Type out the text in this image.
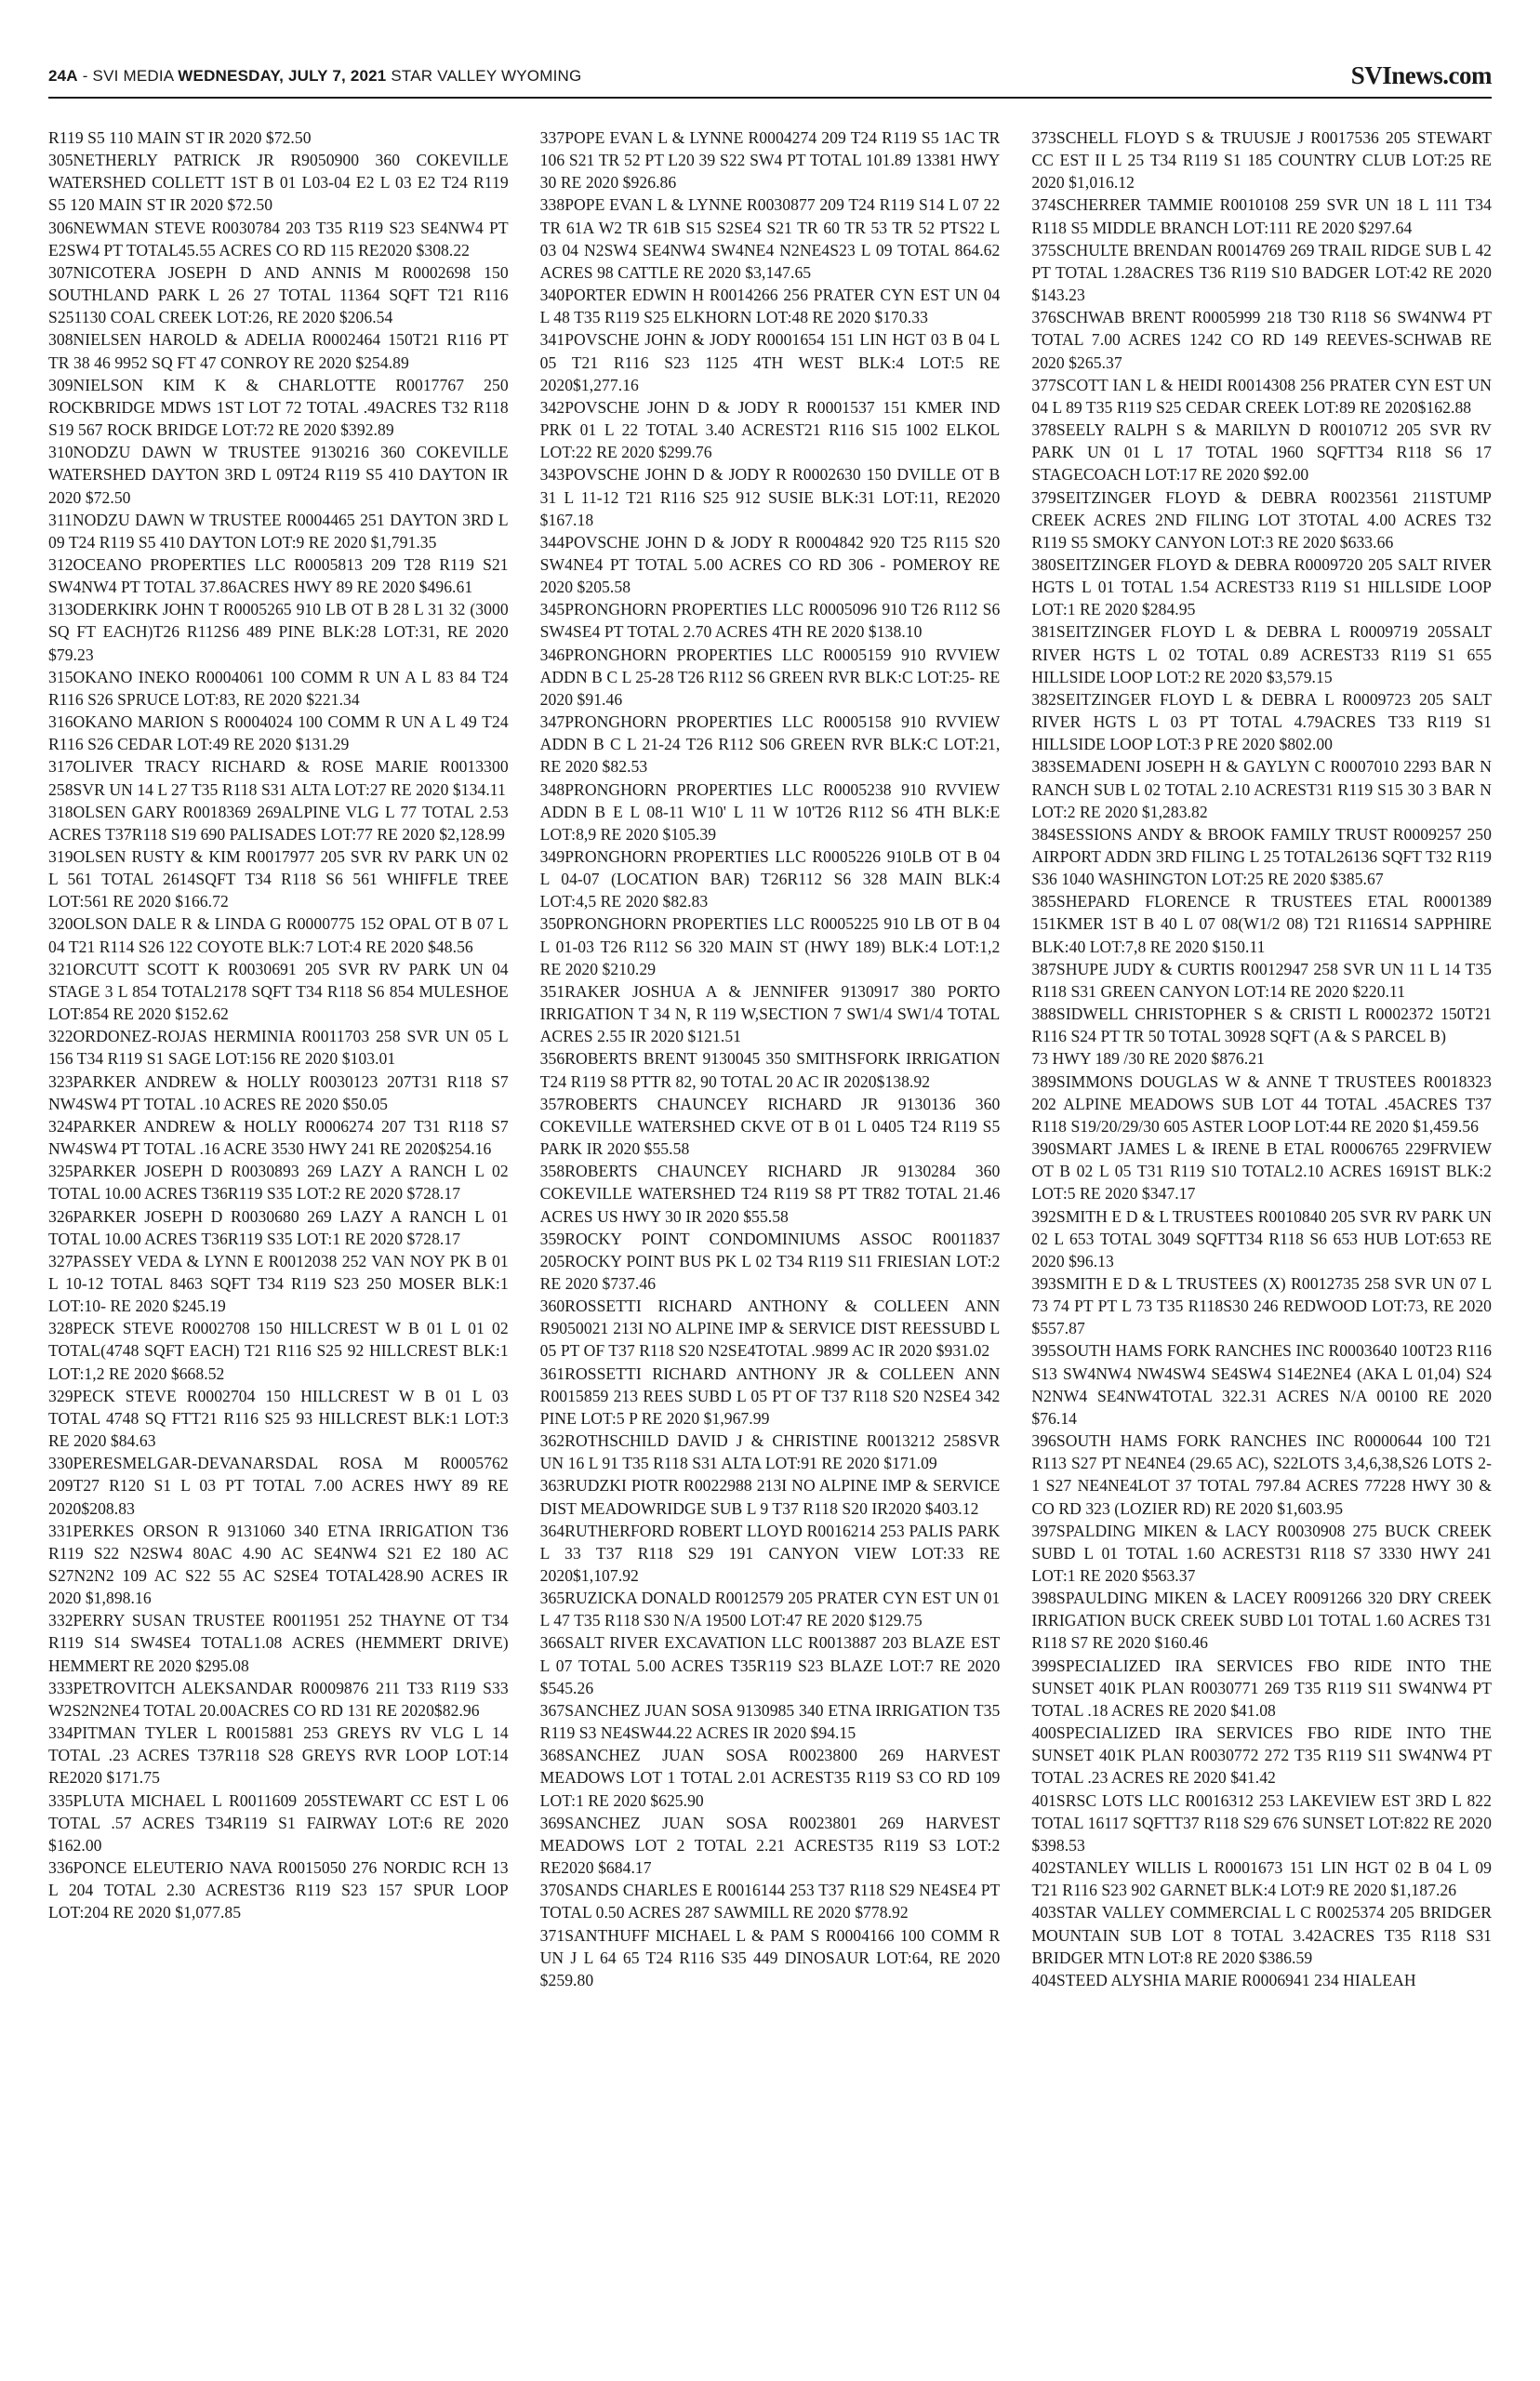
24A - SVI MEDIA WEDNESDAY, JULY 7, 2021 STAR VALLEY WYOMING	SVInews.com

R119 S5 110 MAIN ST IR 2020 $72.50

305NETHERLY PATRICK JR R9050900 360 COKEVILLE WATERSHED COLLETT 1ST B 01 L03-04 E2 L 03 E2 T24 R119 S5 120 MAIN ST IR 2020 $72.50

306NEWMAN STEVE R0030784 203 T35 R119 S23 SE4NW4 PT E2SW4 PT TOTAL45.55 ACRES CO RD 115 RE2020 $308.22

307NICOTERA JOSEPH D AND ANNIS M R0002698 150 SOUTHLAND PARK L 26 27 TOTAL 11364 SQFT T21 R116 S251130 COAL CREEK LOT:26, RE 2020 $206.54

308NIELSEN HAROLD & ADELIA R0002464 150T21 R116 PT TR 38 46 9952 SQ FT 47 CONROY RE 2020 $254.89

309NIELSON KIM K & CHARLOTTE R0017767 250 ROCKBRIDGE MDWS 1ST LOT 72 TOTAL .49ACRES T32 R118 S19 567 ROCK BRIDGE LOT:72 RE 2020 $392.89

310NODZU DAWN W TRUSTEE 9130216 360 COKEVILLE WATERSHED DAYTON 3RD L 09T24 R119 S5 410 DAYTON IR 2020 $72.50

311NODZU DAWN W TRUSTEE R0004465 251 DAYTON 3RD L 09 T24 R119 S5 410 DAYTON LOT:9 RE 2020 $1,791.35

312OCEANO PROPERTIES LLC R0005813 209 T28 R119 S21 SW4NW4 PT TOTAL 37.86ACRES HWY 89 RE 2020 $496.61

313ODERKIRK JOHN T R0005265 910 LB OT B 28 L 31 32 (3000 SQ FT EACH)T26 R112S6 489 PINE BLK:28 LOT:31, RE 2020 $79.23

315OKANO INEKO R0004061 100 COMM R UN A L 83 84 T24 R116 S26 SPRUCE LOT:83, RE 2020 $221.34

316OKANO MARION S R0004024 100 COMM R UN A L 49 T24 R116 S26 CEDAR LOT:49 RE 2020 $131.29

317OLIVER TRACY RICHARD & ROSE MARIE R0013300 258SVR UN 14 L 27 T35 R118 S31 ALTA LOT:27 RE 2020 $134.11

318OLSEN GARY R0018369 269ALPINE VLG L 77 TOTAL 2.53 ACRES T37R118 S19 690 PALISADES LOT:77 RE 2020 $2,128.99

319OLSEN RUSTY & KIM R0017977 205 SVR RV PARK UN 02 L 561 TOTAL 2614SQFT T34 R118 S6 561 WHIFFLE TREE LOT:561 RE 2020 $166.72

320OLSON DALE R & LINDA G R0000775 152 OPAL OT B 07 L 04 T21 R114 S26 122 COYOTE BLK:7 LOT:4 RE 2020 $48.56

321ORCUTT SCOTT K R0030691 205 SVR RV PARK UN 04 STAGE 3 L 854 TOTAL2178 SQFT T34 R118 S6 854 MULESHOE LOT:854 RE 2020 $152.62

322ORDONEZ-ROJAS HERMINIA R0011703 258 SVR UN 05 L 156 T34 R119 S1 SAGE LOT:156 RE 2020 $103.01

323PARKER ANDREW & HOLLY R0030123 207T31 R118 S7 NW4SW4 PT TOTAL .10 ACRES RE 2020 $50.05

324PARKER ANDREW & HOLLY R0006274 207 T31 R118 S7 NW4SW4 PT TOTAL .16 ACRE 3530 HWY 241 RE 2020$254.16

325PARKER JOSEPH D R0030893 269 LAZY A RANCH L 02 TOTAL 10.00 ACRES T36R119 S35 LOT:2 RE 2020 $728.17

326PARKER JOSEPH D R0030680 269 LAZY A RANCH L 01 TOTAL 10.00 ACRES T36R119 S35 LOT:1 RE 2020 $728.17

327PASSEY VEDA & LYNN E R0012038 252 VAN NOY PK B 01 L 10-12 TOTAL 8463 SQFT T34 R119 S23 250 MOSER BLK:1 LOT:10- RE 2020 $245.19

328PECK STEVE R0002708 150 HILLCREST W B 01 L 01 02 TOTAL(4748 SQFT EACH) T21 R116 S25 92 HILLCREST BLK:1 LOT:1,2 RE 2020 $668.52

329PECK STEVE R0002704 150 HILLCREST W B 01 L 03 TOTAL 4748 SQ FTT21 R116 S25 93 HILLCREST BLK:1 LOT:3 RE 2020 $84.63

330PERESMELGAR-DEVANARSDAL ROSA M R0005762 209T27 R120 S1 L 03 PT TOTAL 7.00 ACRES HWY 89 RE 2020$208.83

331PERKES ORSON R 9131060 340 ETNA IRRIGATION T36 R119 S22 N2SW4 80AC 4.90 AC SE4NW4 S21 E2 180 AC S27N2N2 109 AC S22 55 AC S2SE4 TOTAL428.90 ACRES IR 2020 $1,898.16

332PERRY SUSAN TRUSTEE R0011951 252 THAYNE OT T34 R119 S14 SW4SE4 TOTAL1.08 ACRES (HEMMERT DRIVE) HEMMERT RE 2020 $295.08

333PETROVITCH ALEKSANDAR R0009876 211 T33 R119 S33 W2S2N2NE4 TOTAL 20.00ACRES CO RD 131 RE 2020$82.96

334PITMAN TYLER L R0015881 253 GREYS RV VLG L 14 TOTAL .23 ACRES T37R118 S28 GREYS RVR LOOP LOT:14 RE2020 $171.75

335PLUTA MICHAEL L R0011609 205STEWART CC EST L 06 TOTAL .57 ACRES T34R119 S1 FAIRWAY LOT:6 RE 2020 $162.00

336PONCE ELEUTERIO NAVA R0015050 276 NORDIC RCH 13 L 204 TOTAL 2.30 ACREST36 R119 S23 157 SPUR LOOP LOT:204 RE 2020 $1,077.85

337POPE EVAN L & LYNNE R0004274 209 T24 R119 S5 1AC TR 106 S21 TR 52 PT L20 39 S22 SW4 PT TOTAL 101.89 13381 HWY 30 RE 2020 $926.86

338POPE EVAN L & LYNNE R0030877 209 T24 R119 S14 L 07 22 TR 61A W2 TR 61B S15 S2SE4 S21 TR 60 TR 53 TR 52 PTS22 L 03 04 N2SW4 SE4NW4 SW4NE4 N2NE4S23 L 09 TOTAL 864.62 ACRES 98 CATTLE RE 2020 $3,147.65

340PORTER EDWIN H R0014266 256 PRATER CYN EST UN 04 L 48 T35 R119 S25 ELKHORN LOT:48 RE 2020 $170.33

341POVSCHE JOHN & JODY R0001654 151 LIN HGT 03 B 04 L 05 T21 R116 S23 1125 4TH WEST BLK:4 LOT:5 RE 2020$1,277.16

342POVSCHE JOHN D & JODY R R0001537 151 KMER IND PRK 01 L 22 TOTAL 3.40 ACREST21 R116 S15 1002 ELKOL LOT:22 RE 2020 $299.76

343POVSCHE JOHN D & JODY R R0002630 150 DVILLE OT B 31 L 11-12 T21 R116 S25 912 SUSIE BLK:31 LOT:11, RE2020 $167.18

344POVSCHE JOHN D & JODY R R0004842 920 T25 R115 S20 SW4NE4 PT TOTAL 5.00 ACRES CO RD 306 - POMEROY RE 2020 $205.58

345PRONGHORN PROPERTIES LLC R0005096 910 T26 R112 S6 SW4SE4 PT TOTAL 2.70 ACRES 4TH RE 2020 $138.10

346PRONGHORN PROPERTIES LLC R0005159 910 RVVIEW ADDN B C L 25-28 T26 R112 S6 GREEN RVR BLK:C LOT:25- RE 2020 $91.46

347PRONGHORN PROPERTIES LLC R0005158 910 RVVIEW ADDN B C L 21-24 T26 R112 S06 GREEN RVR BLK:C LOT:21, RE 2020 $82.53

348PRONGHORN PROPERTIES LLC R0005238 910 RVVIEW ADDN B E L 08-11 W10' L 11 W 10'T26 R112 S6 4TH BLK:E LOT:8,9 RE 2020 $105.39

349PRONGHORN PROPERTIES LLC R0005226 910LB OT B 04 L 04-07 (LOCATION BAR) T26R112 S6 328 MAIN BLK:4 LOT:4,5 RE 2020 $82.83

350PRONGHORN PROPERTIES LLC R0005225 910 LB OT B 04 L 01-03 T26 R112 S6 320 MAIN ST (HWY 189) BLK:4 LOT:1,2 RE 2020 $210.29

351RAKER JOSHUA A & JENNIFER 9130917 380 PORTO IRRIGATION T 34 N, R 119 W,SECTION 7 SW1/4 SW1/4 TOTAL ACRES 2.55 IR 2020 $121.51

356ROBERTS BRENT 9130045 350 SMITHSFORK IRRIGATION T24 R119 S8 PTTR 82, 90 TOTAL 20 AC IR 2020$138.92

357ROBERTS CHAUNCEY RICHARD JR 9130136 360 COKEVILLE WATERSHED CKVE OT B 01 L 0405 T24 R119 S5 PARK IR 2020 $55.58

358ROBERTS CHAUNCEY RICHARD JR 9130284 360 COKEVILLE WATERSHED T24 R119 S8 PT TR82 TOTAL 21.46 ACRES US HWY 30 IR 2020 $55.58

359ROCKY POINT CONDOMINIUMS ASSOC R0011837 205ROCKY POINT BUS PK L 02 T34 R119 S11 FRIESIAN LOT:2 RE 2020 $737.46

360ROSSETTI RICHARD ANTHONY & COLLEEN ANN R9050021 213I NO ALPINE IMP & SERVICE DIST REESSUBD L 05 PT OF T37 R118 S20 N2SE4TOTAL .9899 AC IR 2020 $931.02

361ROSSETTI RICHARD ANTHONY JR & COLLEEN ANN R0015859 213 REES SUBD L 05 PT OF T37 R118 S20 N2SE4 342 PINE LOT:5 P RE 2020 $1,967.99

362ROTHSCHILD DAVID J & CHRISTINE R0013212 258SVR UN 16 L 91 T35 R118 S31 ALTA LOT:91 RE 2020 $171.09

363RUDZKI PIOTR R0022988 213I NO ALPINE IMP & SERVICE DIST MEADOWRIDGE SUB L 9 T37 R118 S20 IR2020 $403.12

364RUTHERFORD ROBERT LLOYD R0016214 253 PALIS PARK L 33 T37 R118 S29 191 CANYON VIEW LOT:33 RE 2020$1,107.92

365RUZICKA DONALD R0012579 205 PRATER CYN EST UN 01 L 47 T35 R118 S30 N/A 19500 LOT:47 RE 2020 $129.75

366SALT RIVER EXCAVATION LLC R0013887 203 BLAZE EST L 07 TOTAL 5.00 ACRES T35R119 S23 BLAZE LOT:7 RE 2020 $545.26

367SANCHEZ JUAN SOSA 9130985 340 ETNA IRRIGATION T35 R119 S3 NE4SW44.22 ACRES IR 2020 $94.15

368SANCHEZ JUAN SOSA R0023800 269 HARVEST MEADOWS LOT 1 TOTAL 2.01 ACREST35 R119 S3 CO RD 109 LOT:1 RE 2020 $625.90

369SANCHEZ JUAN SOSA R0023801 269 HARVEST MEADOWS LOT 2 TOTAL 2.21 ACREST35 R119 S3 LOT:2 RE2020 $684.17

370SANDS CHARLES E R0016144 253 T37 R118 S29 NE4SE4 PT TOTAL 0.50 ACRES 287 SAWMILL RE 2020 $778.92

371SANTHUFF MICHAEL L & PAM S R0004166 100 COMM R UN J L 64 65 T24 R116 S35 449 DINOSAUR LOT:64, RE 2020 $259.80

373SCHELL FLOYD S & TRUUSJE J R0017536 205 STEWART CC EST II L 25 T34 R119 S1 185 COUNTRY CLUB LOT:25 RE 2020 $1,016.12

374SCHERRER TAMMIE R0010108 259 SVR UN 18 L 111 T34 R118 S5 MIDDLE BRANCH LOT:111 RE 2020 $297.64

375SCHULTE BRENDAN R0014769 269 TRAIL RIDGE SUB L 42 PT TOTAL 1.28ACRES T36 R119 S10 BADGER LOT:42 RE 2020 $143.23

376SCHWAB BRENT R0005999 218 T30 R118 S6 SW4NW4 PT TOTAL 7.00 ACRES 1242 CO RD 149 REEVES-SCHWAB RE 2020 $265.37

377SCOTT IAN L & HEIDI R0014308 256 PRATER CYN EST UN 04 L 89 T35 R119 S25 CEDAR CREEK LOT:89 RE 2020$162.88

378SEELY RALPH S & MARILYN D R0010712 205 SVR RV PARK UN 01 L 17 TOTAL 1960 SQFTT34 R118 S6 17 STAGECOACH LOT:17 RE 2020 $92.00

379SEITZINGER FLOYD & DEBRA R0023561 211STUMP CREEK ACRES 2ND FILING LOT 3TOTAL 4.00 ACRES T32 R119 S5 SMOKY CANYON LOT:3 RE 2020 $633.66

380SEITZINGER FLOYD & DEBRA R0009720 205 SALT RIVER HGTS L 01 TOTAL 1.54 ACREST33 R119 S1 HILLSIDE LOOP LOT:1 RE 2020 $284.95

381SEITZINGER FLOYD L & DEBRA L R0009719 205SALT RIVER HGTS L 02 TOTAL 0.89 ACREST33 R119 S1 655 HILLSIDE LOOP LOT:2 RE 2020 $3,579.15

382SEITZINGER FLOYD L & DEBRA L R0009723 205 SALT RIVER HGTS L 03 PT TOTAL 4.79ACRES T33 R119 S1 HILLSIDE LOOP LOT:3 P RE 2020 $802.00

383SEMADENI JOSEPH H & GAYLYN C R0007010 2293 BAR N RANCH SUB L 02 TOTAL 2.10 ACREST31 R119 S15 30 3 BAR N LOT:2 RE 2020 $1,283.82

384SESSIONS ANDY & BROOK FAMILY TRUST R0009257 250 AIRPORT ADDN 3RD FILING L 25 TOTAL26136 SQFT T32 R119 S36 1040 WASHINGTON LOT:25 RE 2020 $385.67

385SHEPARD FLORENCE R TRUSTEES ETAL R0001389 151KMER 1ST B 40 L 07 08(W1/2 08) T21 R116S14 SAPPHIRE BLK:40 LOT:7,8 RE 2020 $150.11

387SHUPE JUDY & CURTIS R0012947 258 SVR UN 11 L 14 T35 R118 S31 GREEN CANYON LOT:14 RE 2020 $220.11

388SIDWELL CHRISTOPHER S & CRISTI L R0002372 150T21 R116 S24 PT TR 50 TOTAL 30928 SQFT (A & S PARCEL B)

73 HWY 189 /30 RE 2020 $876.21

389SIMMONS DOUGLAS W & ANNE T TRUSTEES R0018323 202 ALPINE MEADOWS SUB LOT 44 TOTAL .45ACRES T37 R118 S19/20/29/30 605 ASTER LOOP LOT:44 RE 2020 $1,459.56

390SMART JAMES L & IRENE B ETAL R0006765 229FRVIEW OT B 02 L 05 T31 R119 S10 TOTAL2.10 ACRES 1691ST BLK:2 LOT:5 RE 2020 $347.17

392SMITH E D & L TRUSTEES R0010840 205 SVR RV PARK UN 02 L 653 TOTAL 3049 SQFTT34 R118 S6 653 HUB LOT:653 RE 2020 $96.13

393SMITH E D & L TRUSTEES (X) R0012735 258 SVR UN 07 L 73 74 PT PT L 73 T35 R118S30 246 REDWOOD LOT:73, RE 2020 $557.87

395SOUTH HAMS FORK RANCHES INC R0003640 100T23 R116 S13 SW4NW4 NW4SW4 SE4SW4 S14E2NE4 (AKA L 01,04) S24 N2NW4 SE4NW4TOTAL 322.31 ACRES N/A 00100 RE 2020 $76.14

396SOUTH HAMS FORK RANCHES INC R0000644 100 T21 R113 S27 PT NE4NE4 (29.65 AC), S22LOTS 3,4,6,38,S26 LOTS 2-1 S27 NE4NE4LOT 37 TOTAL 797.84 ACRES 77228 HWY 30 & CO RD 323 (LOZIER RD) RE 2020 $1,603.95

397SPALDING MIKEN & LACY R0030908 275 BUCK CREEK SUBD L 01 TOTAL 1.60 ACREST31 R118 S7 3330 HWY 241 LOT:1 RE 2020 $563.37

398SPAULDING MIKEN & LACEY R0091266 320 DRY CREEK IRRIGATION BUCK CREEK SUBD L01 TOTAL 1.60 ACRES T31 R118 S7 RE 2020 $160.46

399SPECIALIZED IRA SERVICES FBO RIDE INTO THE SUNSET 401K PLAN R0030771 269 T35 R119 S11 SW4NW4 PT TOTAL .18 ACRES RE 2020 $41.08

400SPECIALIZED IRA SERVICES FBO RIDE INTO THE SUNSET 401K PLAN R0030772 272 T35 R119 S11 SW4NW4 PT TOTAL .23 ACRES RE 2020 $41.42

401SRSC LOTS LLC R0016312 253 LAKEVIEW EST 3RD L 822 TOTAL 16117 SQFTT37 R118 S29 676 SUNSET LOT:822 RE 2020 $398.53

402STANLEY WILLIS L R0001673 151 LIN HGT 02 B 04 L 09 T21 R116 S23 902 GARNET BLK:4 LOT:9 RE 2020 $1,187.26

403STAR VALLEY COMMERCIAL L C R0025374 205 BRIDGER MOUNTAIN SUB LOT 8 TOTAL 3.42ACRES T35 R118 S31 BRIDGER MTN LOT:8 RE 2020 $386.59

404STEED ALYSHIA MARIE R0006941 234 HIALEAH
